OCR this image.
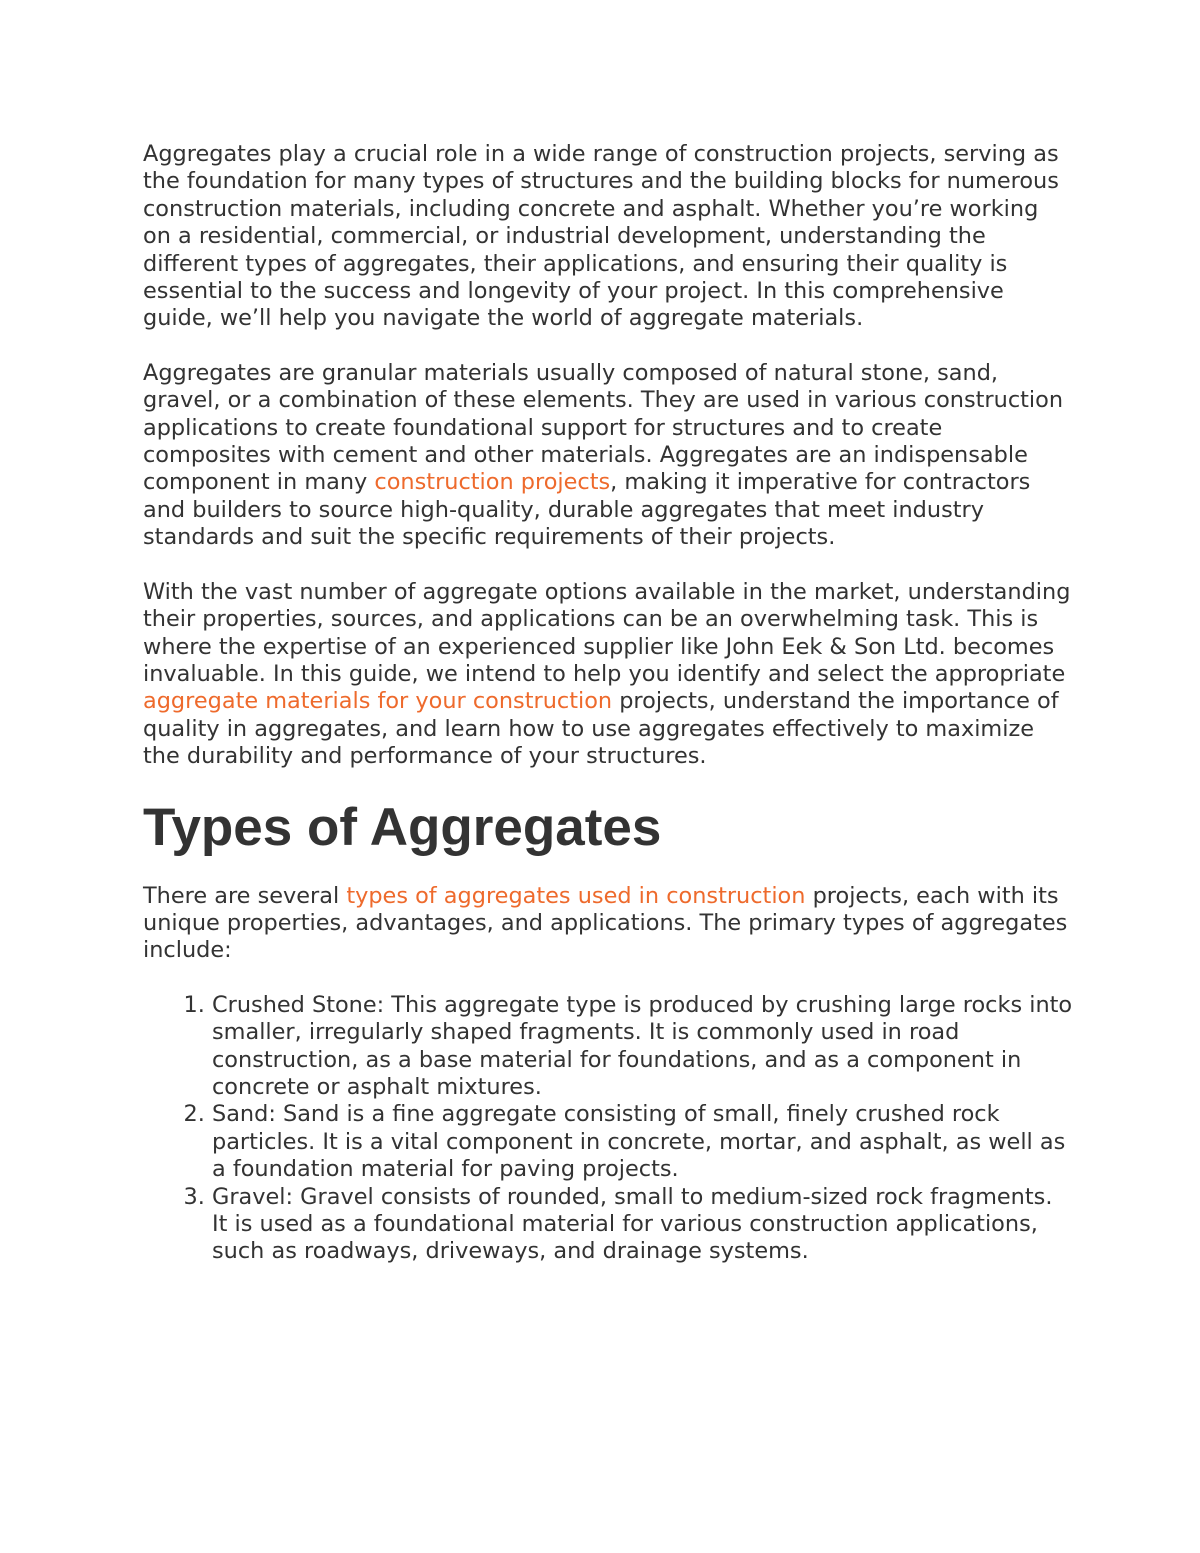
Aggregates play a crucial role in a wide range of construction projects, serving as the foundation for many types of structures and the building blocks for numerous construction materials, including concrete and asphalt. Whether you’re working on a residential, commercial, or industrial development, understanding the different types of aggregates, their applications, and ensuring their quality is essential to the success and longevity of your project. In this comprehensive guide, we’ll help you navigate the world of aggregate materials.

Aggregates are granular materials usually composed of natural stone, sand, gravel, or a combination of these elements. They are used in various construction applications to create foundational support for structures and to create composites with cement and other materials. Aggregates are an indispensable component in many construction projects, making it imperative for contractors and builders to source high-quality, durable aggregates that meet industry standards and suit the specific requirements of their projects.

With the vast number of aggregate options available in the market, understanding their properties, sources, and applications can be an overwhelming task. This is where the expertise of an experienced supplier like John Eek & Son Ltd. becomes invaluable. In this guide, we intend to help you identify and select the appropriate aggregate materials for your construction projects, understand the importance of quality in aggregates, and learn how to use aggregates effectively to maximize the durability and performance of your structures.

Types of Aggregates

There are several types of aggregates used in construction projects, each with its unique properties, advantages, and applications. The primary types of aggregates include:

1. Crushed Stone: This aggregate type is produced by crushing large rocks into smaller, irregularly shaped fragments. It is commonly used in road construction, as a base material for foundations, and as a component in concrete or asphalt mixtures.
2. Sand: Sand is a fine aggregate consisting of small, finely crushed rock particles. It is a vital component in concrete, mortar, and asphalt, as well as a foundation material for paving projects.
3. Gravel: Gravel consists of rounded, small to medium-sized rock fragments. It is used as a foundational material for various construction applications, such as roadways, driveways, and drainage systems.
